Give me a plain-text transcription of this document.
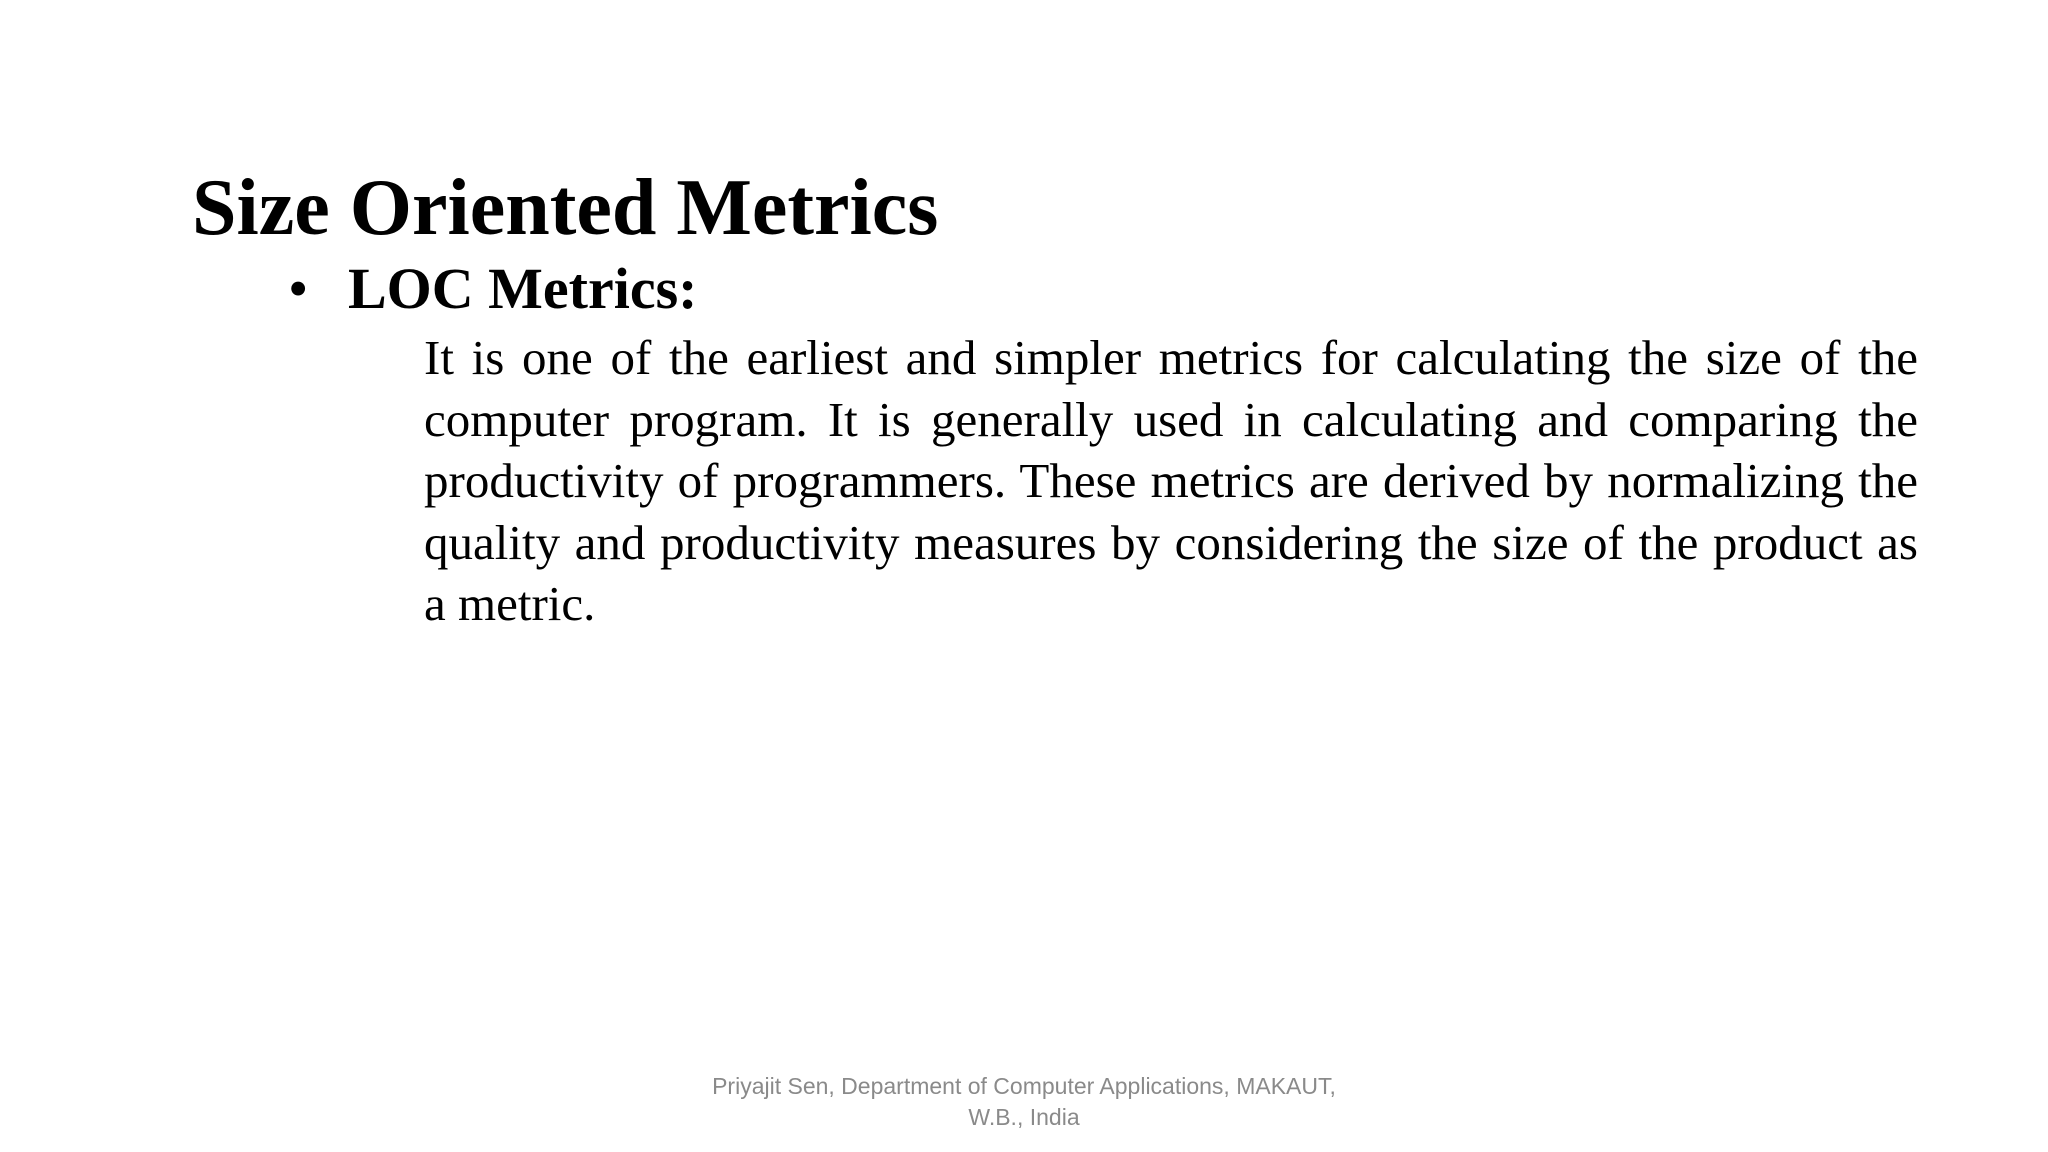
Size Oriented Metrics
• LOC Metrics:

It is one of the earliest and simpler metrics for calculating the size of the computer program. It is generally used in calculating and comparing the productivity of programmers. These metrics are derived by normalizing the quality and productivity measures by considering the size of the product as a metric.

Priyajit Sen, Department of Computer Applications, MAKAUT,
W.B., India
